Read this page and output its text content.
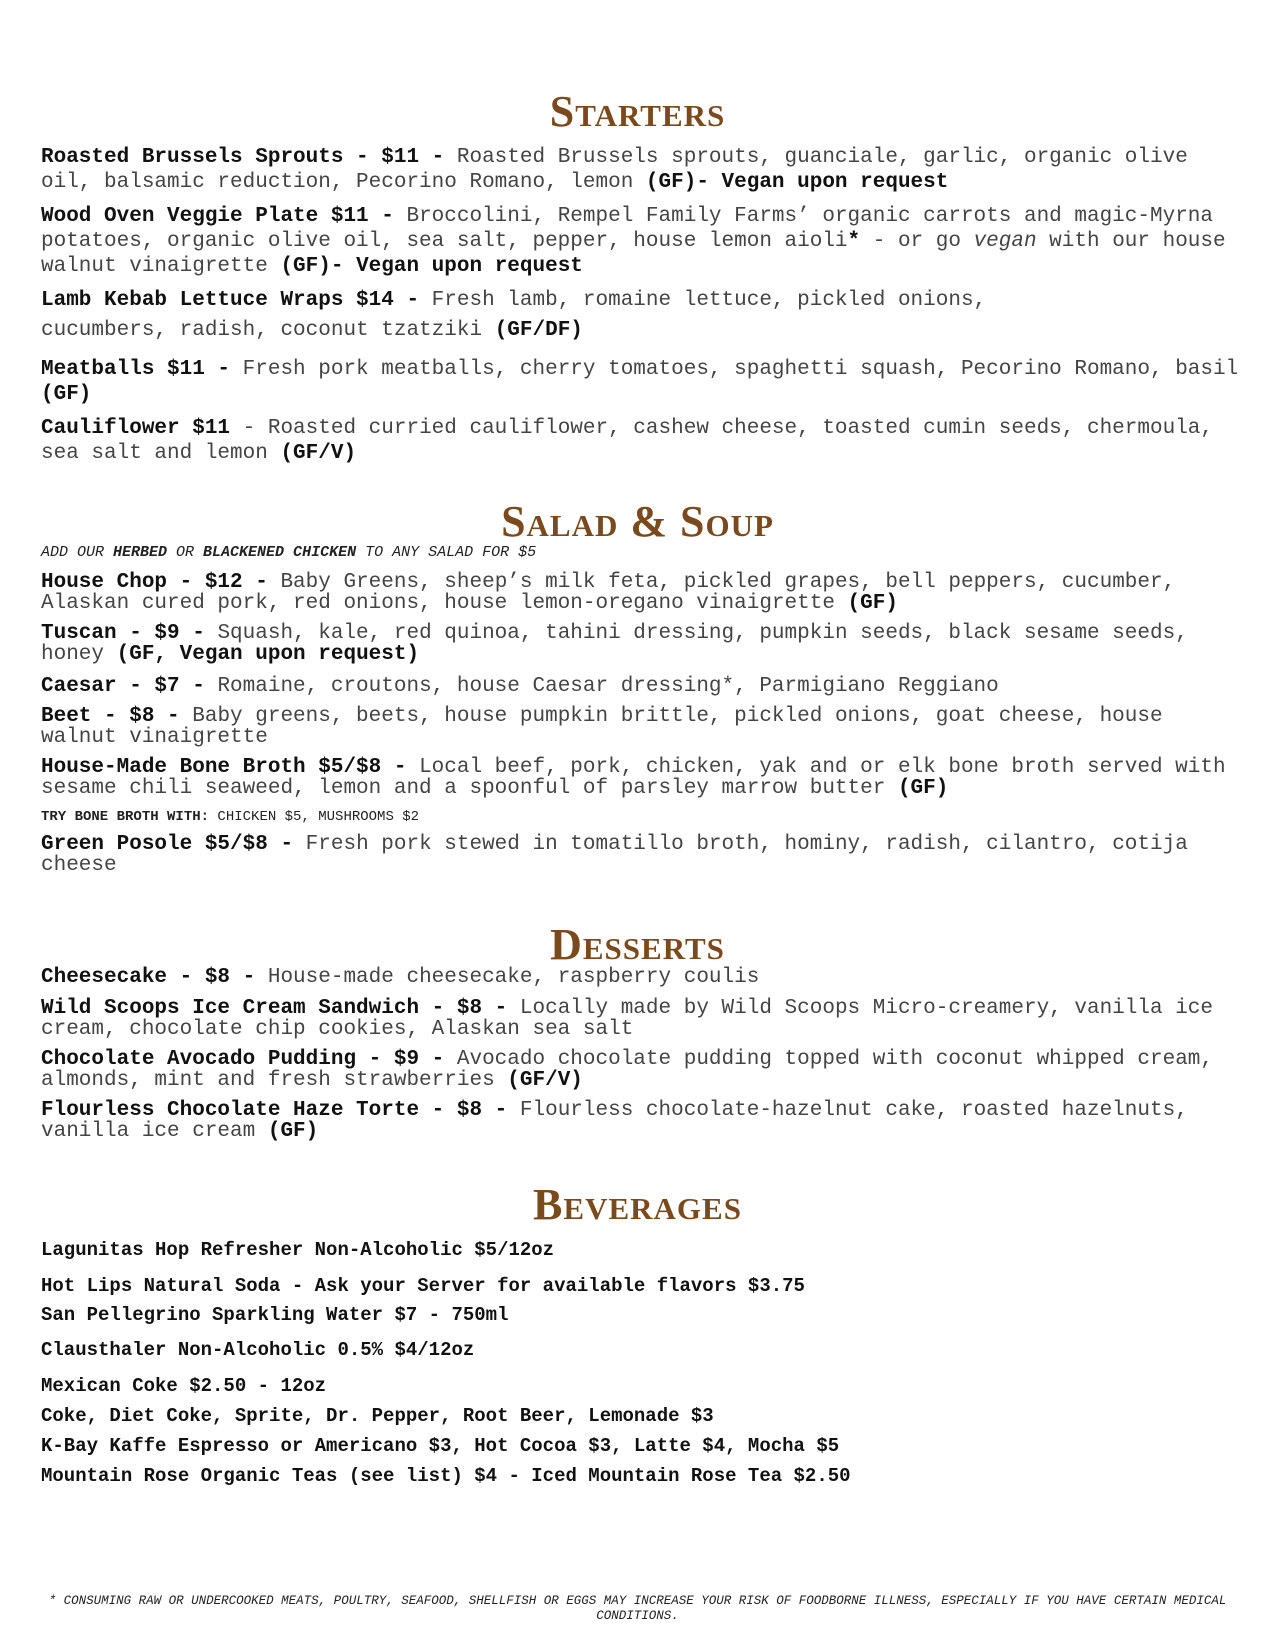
Starters
Roasted Brussels Sprouts - $11 - Roasted Brussels sprouts, guanciale, garlic, organic olive oil, balsamic reduction, Pecorino Romano, lemon (GF)- Vegan upon request
Wood Oven Veggie Plate $11 - Broccolini, Rempel Family Farms’ organic carrots and magic-Myrna potatoes, organic olive oil, sea salt, pepper, house lemon aioli* - or go vegan with our house walnut vinaigrette (GF)- Vegan upon request
Lamb Kebab Lettuce Wraps $14 - Fresh lamb, romaine lettuce, pickled onions,
cucumbers, radish, coconut tzatziki (GF/DF)
Meatballs $11 - Fresh pork meatballs, cherry tomatoes, spaghetti squash, Pecorino Romano, basil (GF)
Cauliflower $11 - Roasted curried cauliflower, cashew cheese, toasted cumin seeds, chermoula, sea salt and lemon (GF/V)
Salad & Soup
ADD OUR HERBED OR BLACKENED CHICKEN TO ANY SALAD FOR $5
House Chop - $12 - Baby Greens, sheep’s milk feta, pickled grapes, bell peppers, cucumber, Alaskan cured pork, red onions, house lemon-oregano vinaigrette (GF)
Tuscan - $9 - Squash, kale, red quinoa, tahini dressing, pumpkin seeds, black sesame seeds, honey (GF, Vegan upon request)
Caesar - $7 - Romaine, croutons, house Caesar dressing*, Parmigiano Reggiano
Beet - $8 - Baby greens, beets, house pumpkin brittle, pickled onions, goat cheese, house walnut vinaigrette
House-Made Bone Broth $5/$8 - Local beef, pork, chicken, yak and or elk bone broth served with sesame chili seaweed, lemon and a spoonful of parsley marrow butter (GF)
TRY BONE BROTH WITH: CHICKEN $5, MUSHROOMS $2
Green Posole $5/$8 - Fresh pork stewed in tomatillo broth, hominy, radish, cilantro, cotija cheese
Desserts
Cheesecake - $8 - House-made cheesecake, raspberry coulis
Wild Scoops Ice Cream Sandwich - $8 - Locally made by Wild Scoops Micro-creamery, vanilla ice cream, chocolate chip cookies, Alaskan sea salt
Chocolate Avocado Pudding - $9 - Avocado chocolate pudding topped with coconut whipped cream, almonds, mint and fresh strawberries (GF/V)
Flourless Chocolate Haze Torte - $8 - Flourless chocolate-hazelnut cake, roasted hazelnuts, vanilla ice cream (GF)
Beverages
Lagunitas Hop Refresher Non-Alcoholic $5/12oz
Hot Lips Natural Soda - Ask your Server for available flavors $3.75
San Pellegrino Sparkling Water $7 - 750ml
Clausthaler Non-Alcoholic 0.5% $4/12oz
Mexican Coke $2.50 - 12oz
Coke, Diet Coke, Sprite, Dr. Pepper, Root Beer, Lemonade $3
K-Bay Kaffe Espresso or Americano $3, Hot Cocoa $3, Latte $4, Mocha $5
Mountain Rose Organic Teas (see list) $4 - Iced Mountain Rose Tea $2.50
* CONSUMING RAW OR UNDERCOOKED MEATS, POULTRY, SEAFOOD, SHELLFISH OR EGGS MAY INCREASE YOUR RISK OF FOODBORNE ILLNESS, ESPECIALLY IF YOU HAVE CERTAIN MEDICAL CONDITIONS.
